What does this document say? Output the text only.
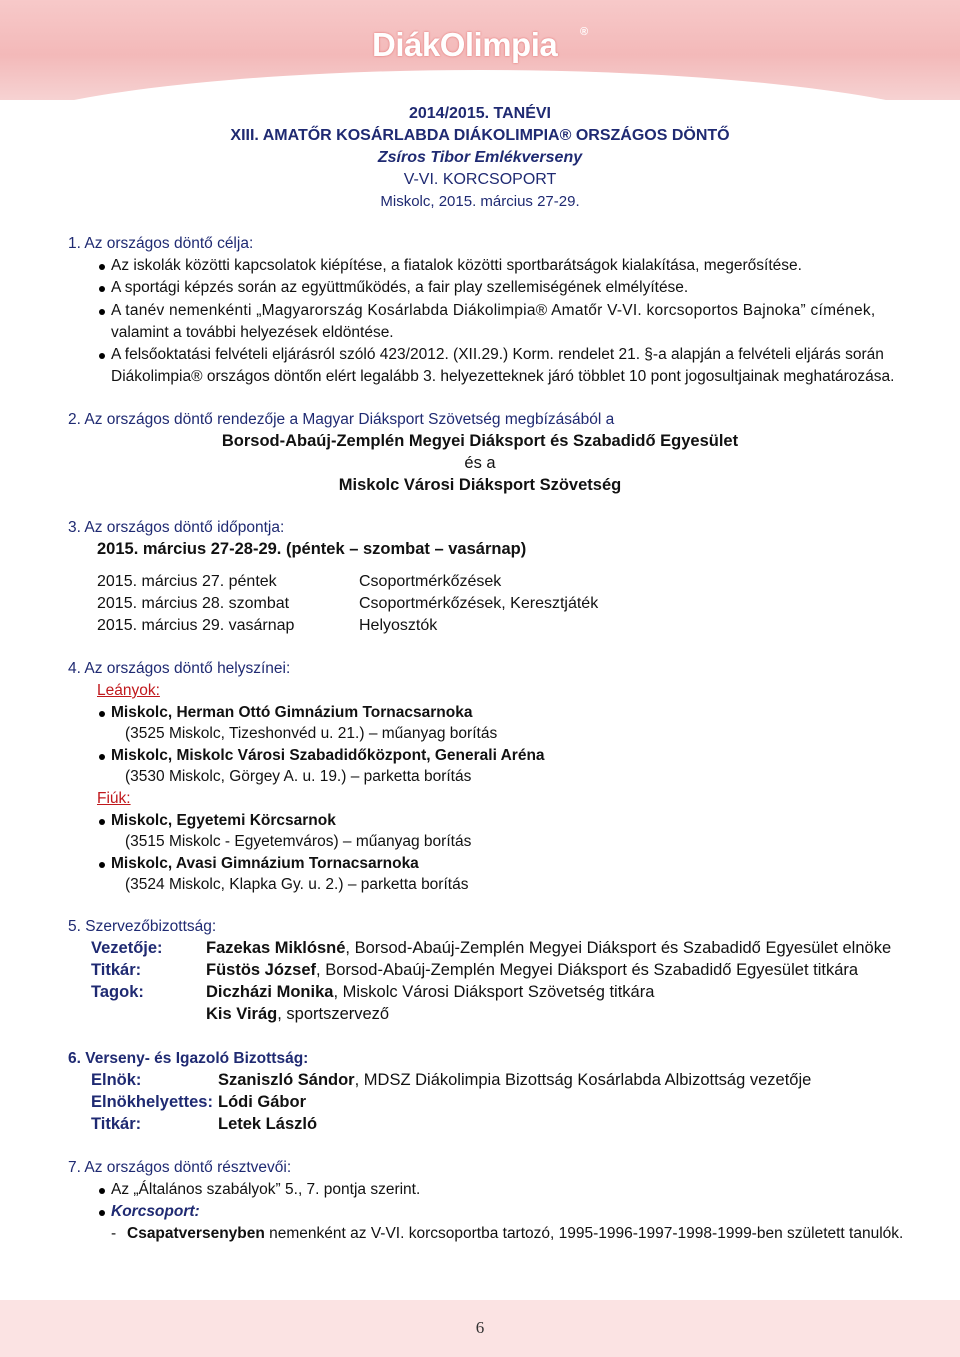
DiákOlimpia ®
2014/2015. TANÉVI
XIII. AMATŐR KOSÁRLABDA DIÁKOLIMPIA® ORSZÁGOS DÖNTŐ
Zsíros Tibor Emlékverseny
V-VI. KORCSOPORT
Miskolc, 2015. március 27-29.
1. Az országos döntő célja:
Az iskolák közötti kapcsolatok kiépítése, a fiatalok közötti sportbarátságok kialakítása, megerősítése.
A sportági képzés során az együttműködés, a fair play szellemiségének elmélyítése.
A tanév nemenkénti „Magyarország Kosárlabda Diákolimpia® Amatőr V-VI. korcsoportos Bajnoka” címének,
valamint a további helyezések eldöntése.
A felsőoktatási felvételi eljárásról szóló 423/2012. (XII.29.) Korm. rendelet 21. §-a alapján a felvételi eljárás során
Diákolimpia® országos döntőn elért legalább 3. helyezetteknek járó többlet 10 pont jogosultjainak meghatározása.
2. Az országos döntő rendezője a Magyar Diáksport Szövetség megbízásából a
Borsod-Abaúj-Zemplén Megyei Diáksport és Szabadidő Egyesület
és a
Miskolc Városi Diáksport Szövetség
3. Az országos döntő időpontja:
2015. március 27-28-29. (péntek – szombat – vasárnap)
2015. március 27. péntek	Csoportmérkőzések
2015. március 28. szombat	Csoportmérkőzések, Keresztjáték
2015. március 29. vasárnap	Helyosztók
4. Az országos döntő helyszínei:
Leányok:
Miskolc, Herman Ottó Gimnázium Tornacsarnoka
(3525 Miskolc, Tizeshonvéd u. 21.) – műanyag borítás
Miskolc, Miskolc Városi Szabadidőközpont, Generali Aréna
(3530 Miskolc, Görgey A. u. 19.) – parketta borítás
Fiúk:
Miskolc, Egyetemi Körcsarnok
(3515 Miskolc - Egyetemváros) – műanyag borítás
Miskolc, Avasi Gimnázium Tornacsarnoka
(3524 Miskolc, Klapka Gy. u. 2.) – parketta borítás
5. Szervezőbizottság:
Vezetője:	Fazekas Miklósné, Borsod-Abaúj-Zemplén Megyei Diáksport és Szabadidő Egyesület elnöke
Titkár:	Füstös József, Borsod-Abaúj-Zemplén Megyei Diáksport és Szabadidő Egyesület titkára
Tagok:	Diczházi Monika, Miskolc Városi Diáksport Szövetség titkára
Kis Virág, sportszervező
6. Verseny- és Igazoló Bizottság:
Elnök:	Szaniszló Sándor, MDSZ Diákolimpia Bizottság Kosárlabda Albizottság vezetője
Elnökhelyettes: Lódi Gábor
Titkár:	Letek László
7. Az országos döntő résztvevői:
Az „Általános szabályok” 5., 7. pontja szerint.
Korcsoport:
- Csapatversenyben nemenként az V-VI. korcsoportba tartozó, 1995-1996-1997-1998-1999-ben született tanulók.
6
